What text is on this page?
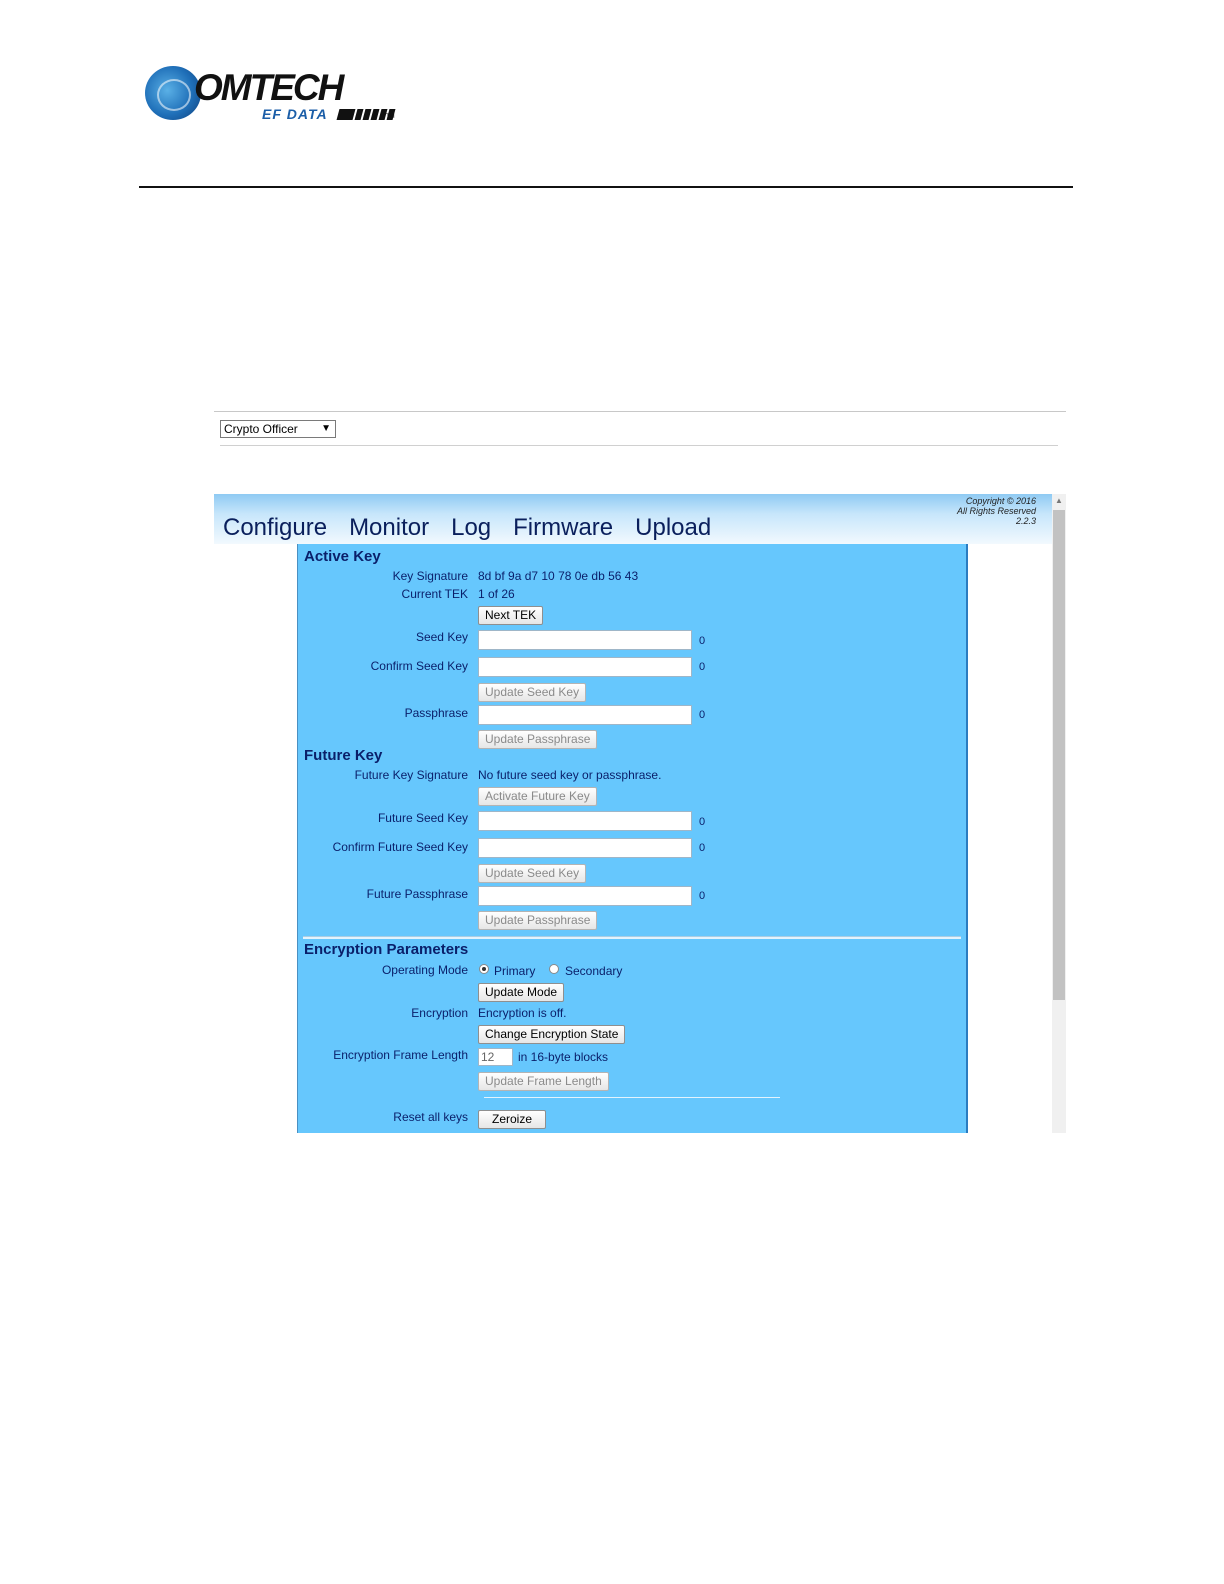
OMTECH
EF DATA	TM
Crypto Officer ▼
Configure Monitor Log Firmware Upload
Copyright © 2016
All Rights Reserved
2.2.3
▲
Active Key
Key Signature 8d bf 9a d7 10 78 0e db 56 43
Current TEK 1 of 26
Next TEK
Seed Key	0
Confirm Seed Key	0
Update Seed Key
Passphrase	0
Update Passphrase
Future Key
Future Key Signature No future seed key or passphrase.
Activate Future Key
Future Seed Key	0
Confirm Future Seed Key	0
Update Seed Key
Future Passphrase	0
Update Passphrase
Encryption Parameters
Operating Mode Primary Secondary
Update Mode
Encryption Encryption is off.
Change Encryption State
Encryption Frame Length 12	in 16-byte blocks
Update Frame Length
Reset all keys	Zeroize
